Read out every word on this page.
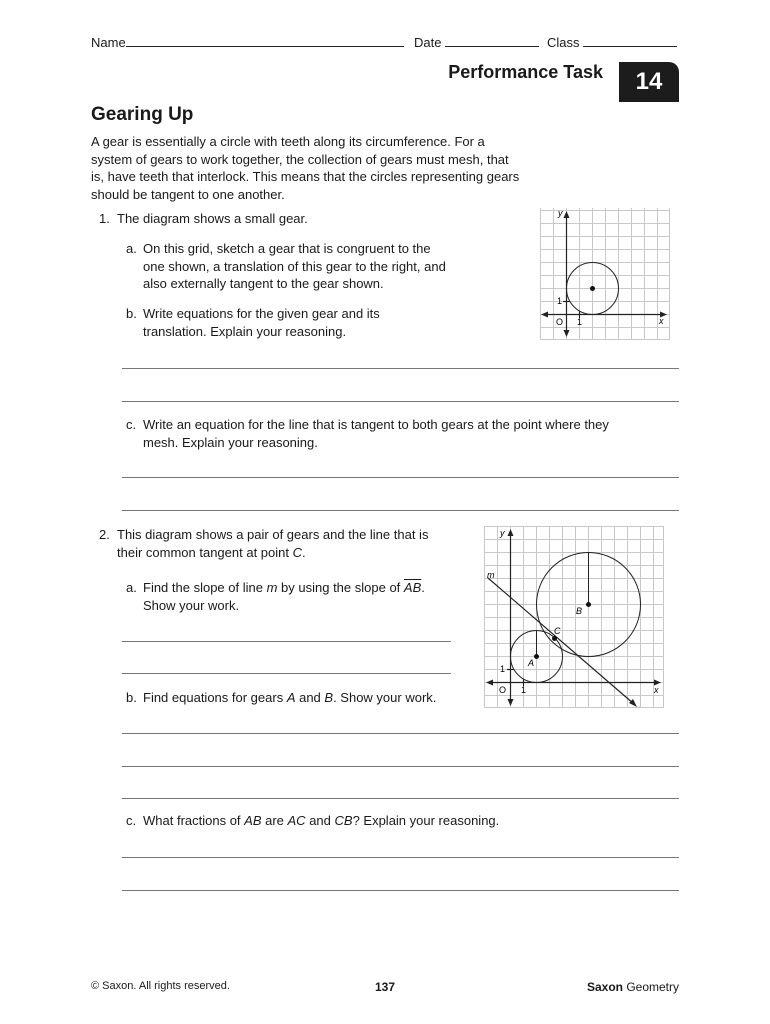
Name	Date	Class
Performance Task	14
Gearing Up
A gear is essentially a circle with teeth along its circumference. For a system of gears to work together, the collection of gears must mesh, that is, have teeth that interlock. This means that the circles representing gears should be tangent to one another.
1. The diagram shows a small gear.
a. On this grid, sketch a gear that is congruent to the one shown, a translation of this gear to the right, and also externally tangent to the gear shown.
b. Write equations for the given gear and its translation. Explain your reasoning.
y
x
O 1
1
c. Write an equation for the line that is tangent to both gears at the point where they mesh. Explain your reasoning.
2. This diagram shows a pair of gears and the line that is their common tangent at point C.
a. Find the slope of line m by using the slope of $\overline{AB}$.
Show your work.
b. Find equations for gears A and B. Show your work.
y
x
O 1
1
m
A
B
C
c. What fractions of AB are AC and CB? Explain your reasoning.
© Saxon. All rights reserved.	137	Saxon Geometry
